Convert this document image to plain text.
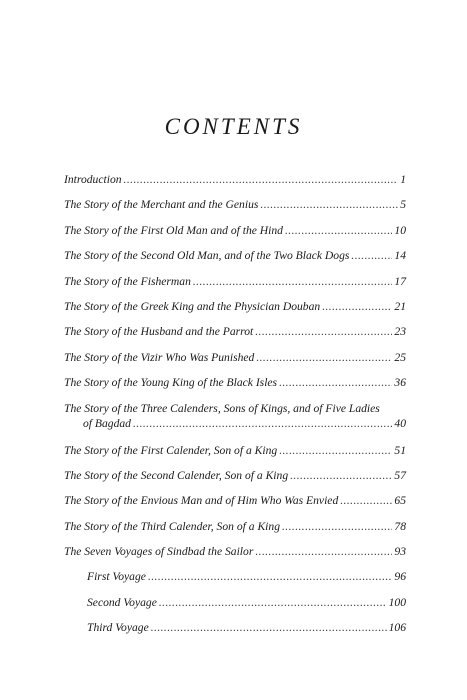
CONTENTS
Introduction .....	1
The Story of the Merchant and the Genius .....	5
The Story of the First Old Man and of the Hind .....	10
The Story of the Second Old Man, and of the Two Black Dogs .....	14
The Story of the Fisherman .....	17
The Story of the Greek King and the Physician Douban .....	21
The Story of the Husband and the Parrot .....	23
The Story of the Vizir Who Was Punished .....	25
The Story of the Young King of the Black Isles .....	36
The Story of the Three Calenders, Sons of Kings, and of Five Ladies
of Bagdad .....	40
The Story of the First Calender, Son of a King .....	51
The Story of the Second Calender, Son of a King .....	57
The Story of the Envious Man and of Him Who Was Envied .....	65
The Story of the Third Calender, Son of a King .....	78
The Seven Voyages of Sindbad the Sailor .....	93
First Voyage .....	96
Second Voyage .....	100
Third Voyage .....	106
